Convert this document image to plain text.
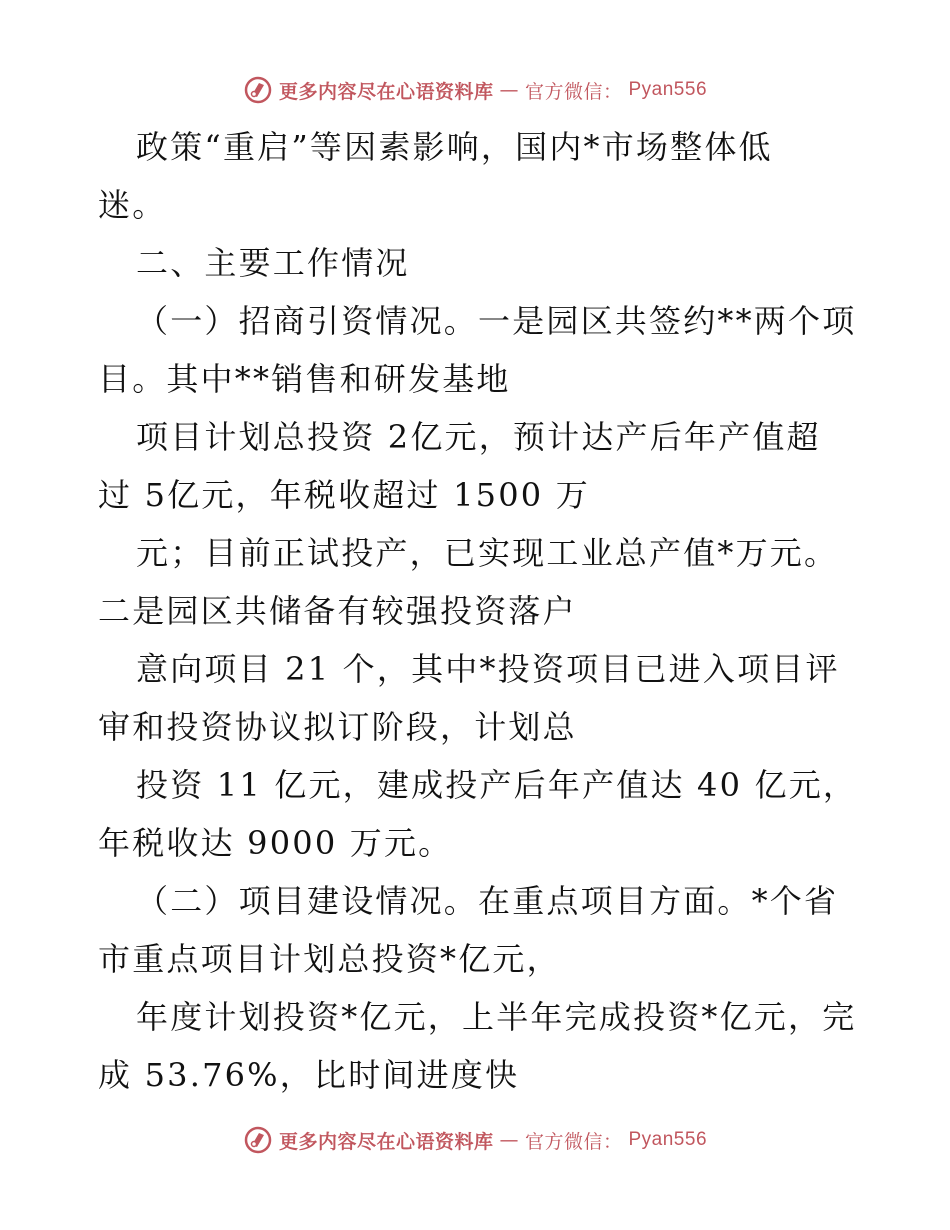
更多内容尽在心语资料库 — 官方微信： Pyan556
政策“重启”等因素影响，国内*市场整体低
迷。
二、主要工作情况
（一）招商引资情况。一是园区共签约**两个项
目。其中**销售和研发基地
项目计划总投资 2亿元，预计达产后年产值超
过 5亿元，年税收超过 1500 万
元；目前正试投产，已实现工业总产值*万元。
二是园区共储备有较强投资落户
意向项目 21 个，其中*投资项目已进入项目评
审和投资协议拟订阶段，计划总
投资 11 亿元，建成投产后年产值达 40 亿元，
年税收达 9000 万元。
（二）项目建设情况。在重点项目方面。*个省
市重点项目计划总投资*亿元，
年度计划投资*亿元，上半年完成投资*亿元，完
成 53.76%，比时间进度快
更多内容尽在心语资料库 — 官方微信： Pyan556
